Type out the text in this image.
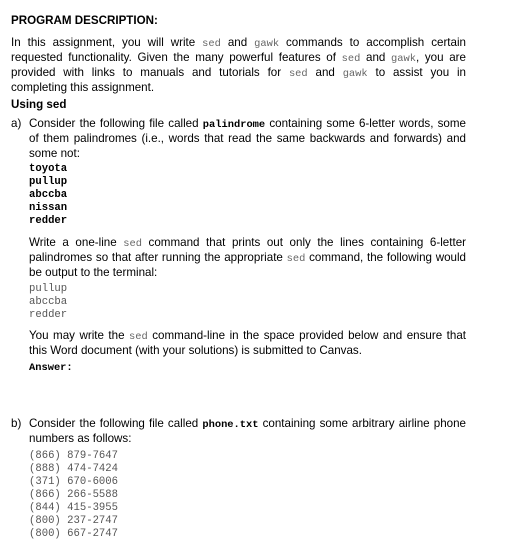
PROGRAM DESCRIPTION:
In this assignment, you will write sed and gawk commands to accomplish certain
requested functionality. Given the many powerful features of sed and gawk, you are
provided with links to manuals and tutorials for sed and gawk to assist you in
completing this assignment.
Using sed
a) Consider the following file called palindrome containing some 6-letter words, some
of them palindromes (i.e., words that read the same backwards and forwards) and
some not:
toyota
pullup
abccba
nissan
redder
Write a one-line sed command that prints out only the lines containing 6-letter
palindromes so that after running the appropriate sed command, the following would
be output to the terminal:
pullup
abccba
redder
You may write the sed command-line in the space provided below and ensure that
this Word document (with your solutions) is submitted to Canvas.
Answer:
b) Consider the following file called phone.txt containing some arbitrary airline phone
numbers as follows:
(866) 879-7647
(888) 474-7424
(371) 670-6006
(866) 266-5588
(844) 415-3955
(800) 237-2747
(800) 667-2747
